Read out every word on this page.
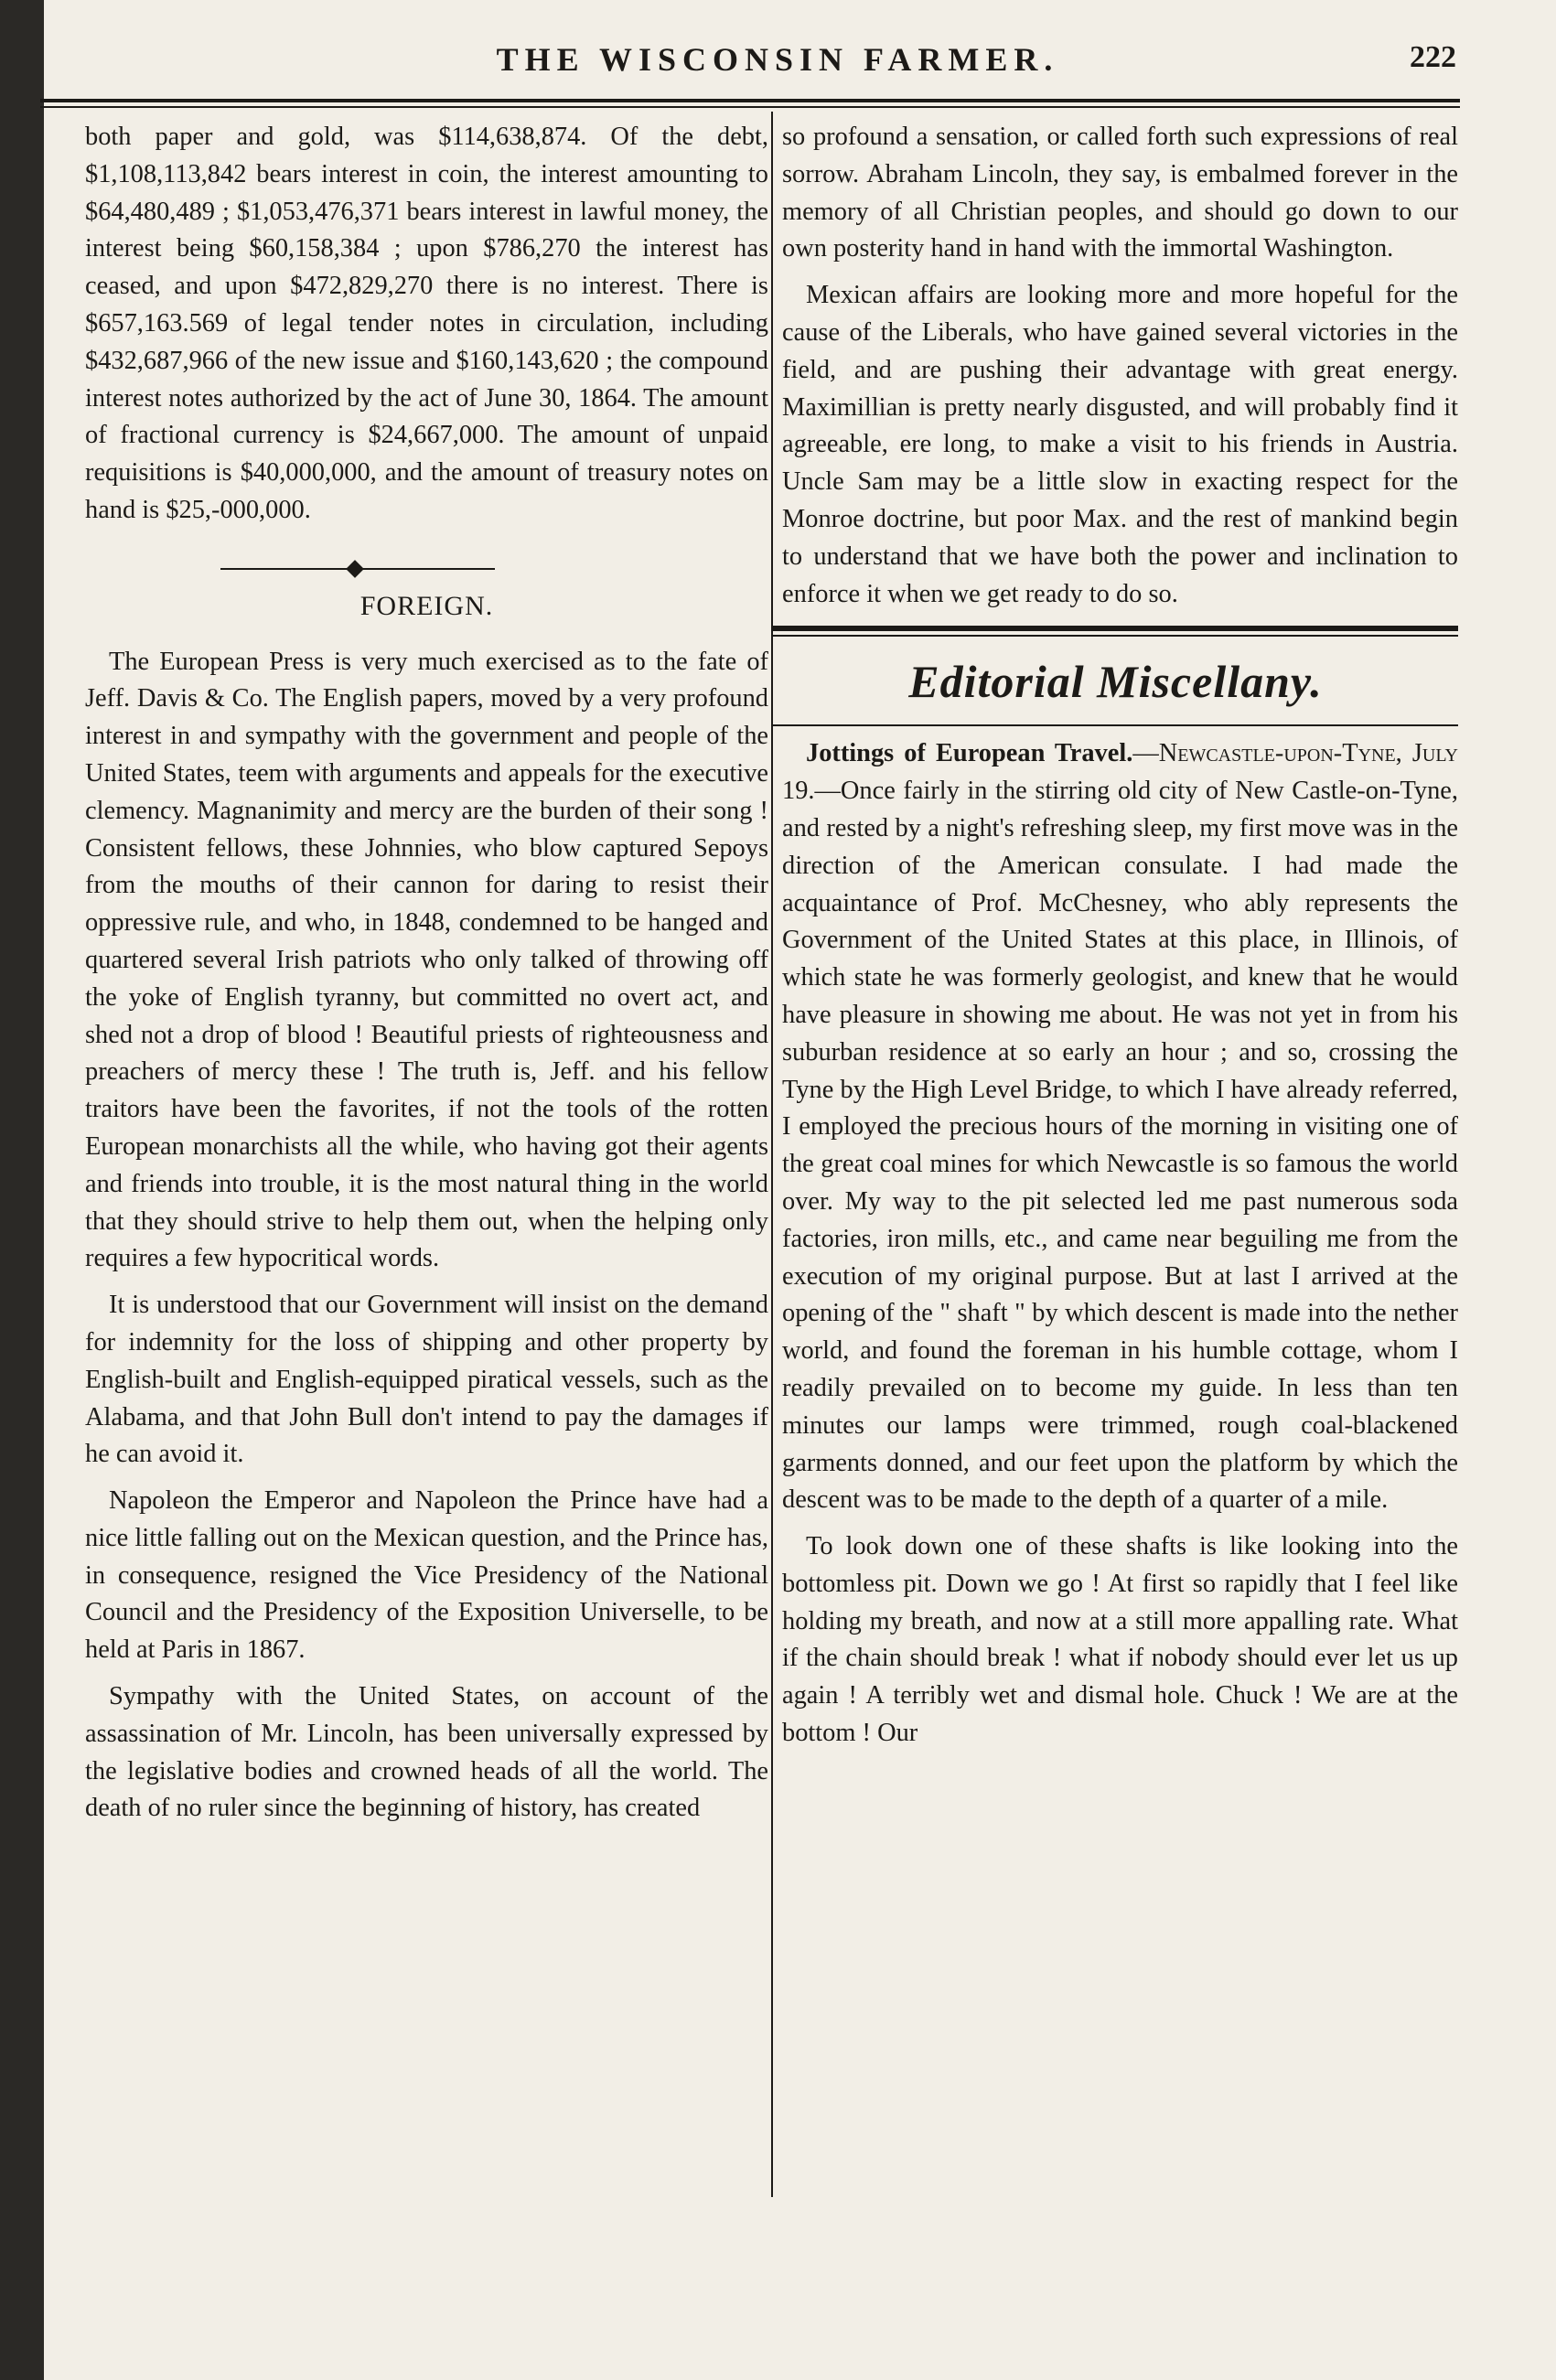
THE WISCONSIN FARMER.	222

both paper and gold, was $114,638,874. Of the debt, $1,108,113,842 bears interest in coin, the interest amounting to $64,480,489 ; $1,053,476,371 bears interest in lawful money, the interest being $60,158,384 ; upon $786,270 the interest has ceased, and upon $472,829,270 there is no interest. There is $657,163.569 of legal tender notes in circulation, including $432,687,966 of the new issue and $160,143,620 ; the compound interest notes authorized by the act of June 30, 1864. The amount of fractional currency is $24,667,000. The amount of unpaid requisitions is $40,000,000, and the amount of treasury notes on hand is $25,-000,000.

FOREIGN.

The European Press is very much exercised as to the fate of Jeff. Davis & Co. The English papers, moved by a very profound interest in and sympathy with the government and people of the United States, teem with arguments and appeals for the executive clemency. Magnanimity and mercy are the burden of their song ! Consistent fellows, these Johnnies, who blow captured Sepoys from the mouths of their cannon for daring to resist their oppressive rule, and who, in 1848, condemned to be hanged and quartered several Irish patriots who only talked of throwing off the yoke of English tyranny, but committed no overt act, and shed not a drop of blood ! Beautiful priests of righteousness and preachers of mercy these ! The truth is, Jeff. and his fellow traitors have been the favorites, if not the tools of the rotten European monarchists all the while, who having got their agents and friends into trouble, it is the most natural thing in the world that they should strive to help them out, when the helping only requires a few hypocritical words.

It is understood that our Government will insist on the demand for indemnity for the loss of shipping and other property by English-built and English-equipped piratical vessels, such as the Alabama, and that John Bull don't intend to pay the damages if he can avoid it.

Napoleon the Emperor and Napoleon the Prince have had a nice little falling out on the Mexican question, and the Prince has, in consequence, resigned the Vice Presidency of the National Council and the Presidency of the Exposition Universelle, to be held at Paris in 1867.

Sympathy with the United States, on account of the assassination of Mr. Lincoln, has been universally expressed by the legislative bodies and crowned heads of all the world. The death of no ruler since the beginning of history, has created

so profound a sensation, or called forth such expressions of real sorrow. Abraham Lincoln, they say, is embalmed forever in the memory of all Christian peoples, and should go down to our own posterity hand in hand with the immortal Washington.

Mexican affairs are looking more and more hopeful for the cause of the Liberals, who have gained several victories in the field, and are pushing their advantage with great energy. Maximillian is pretty nearly disgusted, and will probably find it agreeable, ere long, to make a visit to his friends in Austria. Uncle Sam may be a little slow in exacting respect for the Monroe doctrine, but poor Max. and the rest of mankind begin to understand that we have both the power and inclination to enforce it when we get ready to do so.

Editorial Miscellany.

Jottings of European Travel.—Newcastle-upon-Tyne, July 19.—Once fairly in the stirring old city of New Castle-on-Tyne, and rested by a night's refreshing sleep, my first move was in the direction of the American consulate. I had made the acquaintance of Prof. McChesney, who ably represents the Government of the United States at this place, in Illinois, of which state he was formerly geologist, and knew that he would have pleasure in showing me about. He was not yet in from his suburban residence at so early an hour ; and so, crossing the Tyne by the High Level Bridge, to which I have already referred, I employed the precious hours of the morning in visiting one of the great coal mines for which Newcastle is so famous the world over. My way to the pit selected led me past numerous soda factories, iron mills, etc., and came near beguiling me from the execution of my original purpose. But at last I arrived at the opening of the " shaft " by which descent is made into the nether world, and found the foreman in his humble cottage, whom I readily prevailed on to become my guide. In less than ten minutes our lamps were trimmed, rough coal-blackened garments donned, and our feet upon the platform by which the descent was to be made to the depth of a quarter of a mile.

To look down one of these shafts is like looking into the bottomless pit. Down we go ! At first so rapidly that I feel like holding my breath, and now at a still more appalling rate. What if the chain should break ! what if nobody should ever let us up again ! A terribly wet and dismal hole. Chuck ! We are at the bottom ! Our
